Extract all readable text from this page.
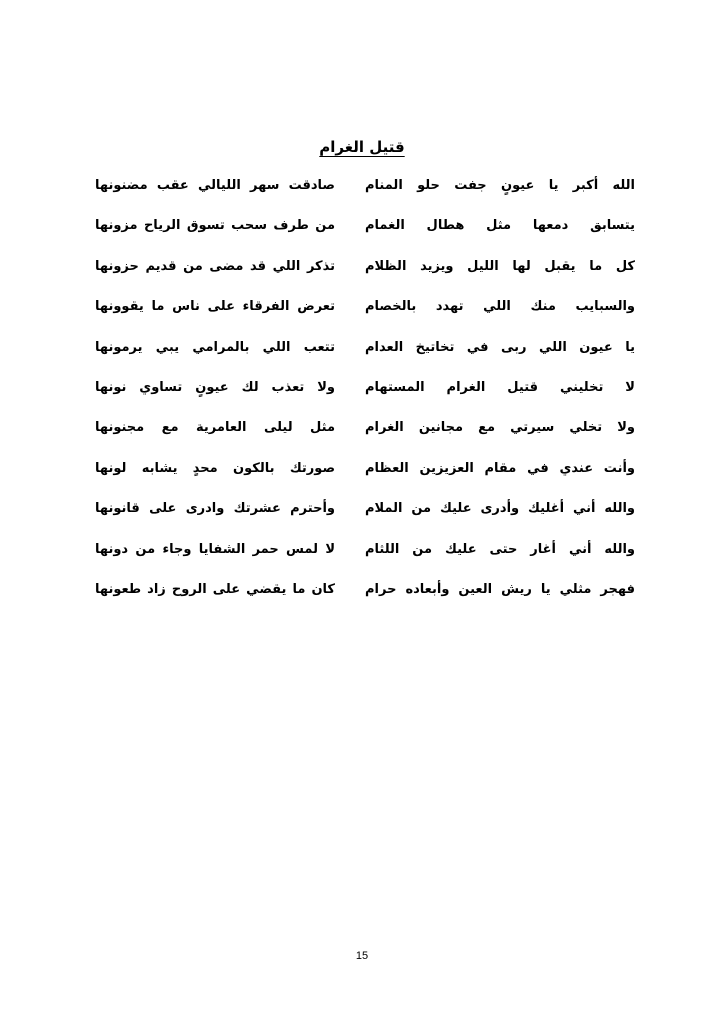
قتيل الغرام
الله أكبر يا عيونٍ جفت حلو المنام
صادقت سهر الليالي عقب مضنونها
يتسابق دمعها مثل هطال الغمام
من طرف سحب تسوق الرياح مزونها
كل ما يقبل لها الليل ويزيد الظلام
تذكر اللي قد مضى من قديم حزونها
والسبايب منك اللي تهدد بالخصام
تعرض الفرقاء على ناس ما يقوونها
يا عيون اللي ربى في تخاتيخ العدام
تتعب اللي بالمرامي يبي يرمونها
لا تخليني قتيل الغرام المستهام
ولا تعذب لك عيونٍ تساوي نونها
ولا تخلي سيرتي مع مجانين الغرام
مثل ليلى العامرية مع مجنونها
وأنت عندي في مقام العزيزين العظام
صورتك بالكون محدٍ يشابه لونها
والله أني أغليك وأدرى عليك من الملام
وأحترم عشرتك وادرى على قانونها
والله أني أغار حتى عليك من اللثام
لا لمس حمر الشفايا وجاء من دونها
فهجر مثلي يا ريش العين وأبعاده حرام
كان ما يقضي على الروح زاد طعونها
15
